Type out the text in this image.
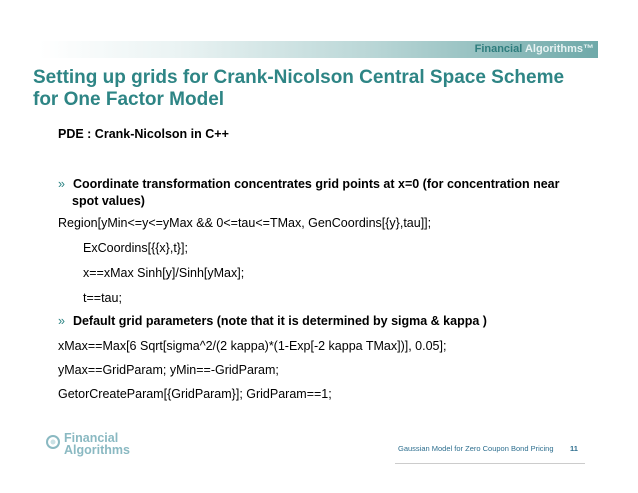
Financial Algorithms™
Setting up grids for Crank-Nicolson Central Space Scheme
for One Factor Model
PDE : Crank-Nicolson in C++
» Coordinate transformation concentrates grid points at x=0 (for concentration near
spot values)
Region[yMin<=y<=yMax && 0<=tau<=TMax, GenCoordins[{y},tau]];
ExCoordins[{{x},t}];
x==xMax Sinh[y]/Sinh[yMax];
t==tau;
» Default grid parameters (note that it is determined by sigma & kappa )
xMax==Max[6 Sqrt[sigma^2/(2 kappa)*(1-Exp[-2 kappa TMax])], 0.05];
yMax==GridParam; yMin==-GridParam;
GetorCreateParam[{GridParam}]; GridParam==1;
Financial
Algorithms	Gaussian Model for Zero Coupon Bond Pricing 11
